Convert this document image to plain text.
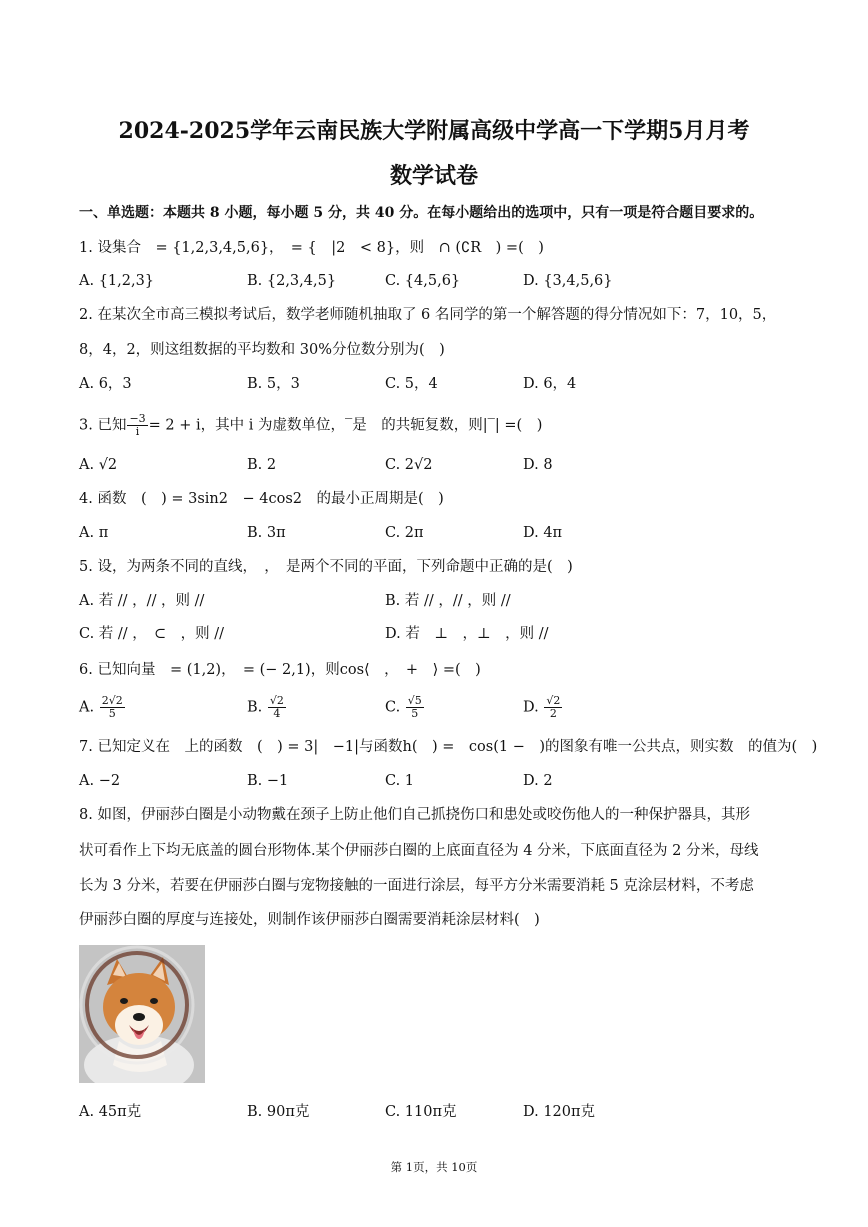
2024-2025学年云南民族大学附属高级中学高一下学期5月月考
数学试卷
一、单选题：本题共 8 小题，每小题 5 分，共 40 分。在每小题给出的选项中，只有一项是符合题目要求的。
1. 设集合　= {1,2,3,4,5,6}，　= {　|2　< 8}，则　∩ (∁R　) =(　)
A. {1,2,3}	B. {2,3,4,5}	C. {4,5,6}	D. {3,4,5,6}
2. 在某次全市高三模拟考试后，数学老师随机抽取了 6 名同学的第一个解答题的得分情况如下：7，10，5，
8，4，2，则这组数据的平均数和 30%分位数分别为(　)
A. 6，3	B. 5，3	C. 5，4	D. 6，4
3. 已知 $\frac{-3}{i} = 2 + i$，其中 i 为虚数单位，‾是　的共轭复数，则|‾| =(　)
A. √2	B. 2	C. 2√2	D. 8
4. 函数　(　) = 3sin2　− 4cos2　的最小正周期是(　)
A. π	B. 3π	C. 2π	D. 4π
5. 设，为两条不同的直线，　，　是两个不同的平面，下列命题中正确的是(　)
A. 若 // ，// ，则 //	B. 若 // ，// ，则 //
C. 若 // ，　⊂　，则 //	D. 若　⊥　，⊥　，则 //
6. 已知向量　= (1,2)，　= (− 2,1)，则cos⟨　，　+　⟩ =(　)
A. $\frac{2√2}{5}$	B. $\frac{√2}{4}$	C. $\frac{√5}{5}$	D. $\frac{√2}{2}$
7. 已知定义在　上的函数　(　) = 3|　−1|与函数h(　) =　cos(1 −　)的图象有唯一公共点，则实数　的值为(　)
A. −2	B. −1	C. 1	D. 2
8. 如图，伊丽莎白圈是小动物戴在颈子上防止他们自己抓挠伤口和患处或咬伤他人的一种保护器具，其形
状可看作上下均无底盖的圆台形物体.某个伊丽莎白圈的上底面直径为 4 分米，下底面直径为 2 分米，母线
长为 3 分米，若要在伊丽莎白圈与宠物接触的一面进行涂层，每平方分米需要消耗 5 克涂层材料，不考虑
伊丽莎白圈的厚度与连接处，则制作该伊丽莎白圈需要消耗涂层材料(　)
A. 45π克	B. 90π克	C. 110π克	D. 120π克
第 1页，共 10页
